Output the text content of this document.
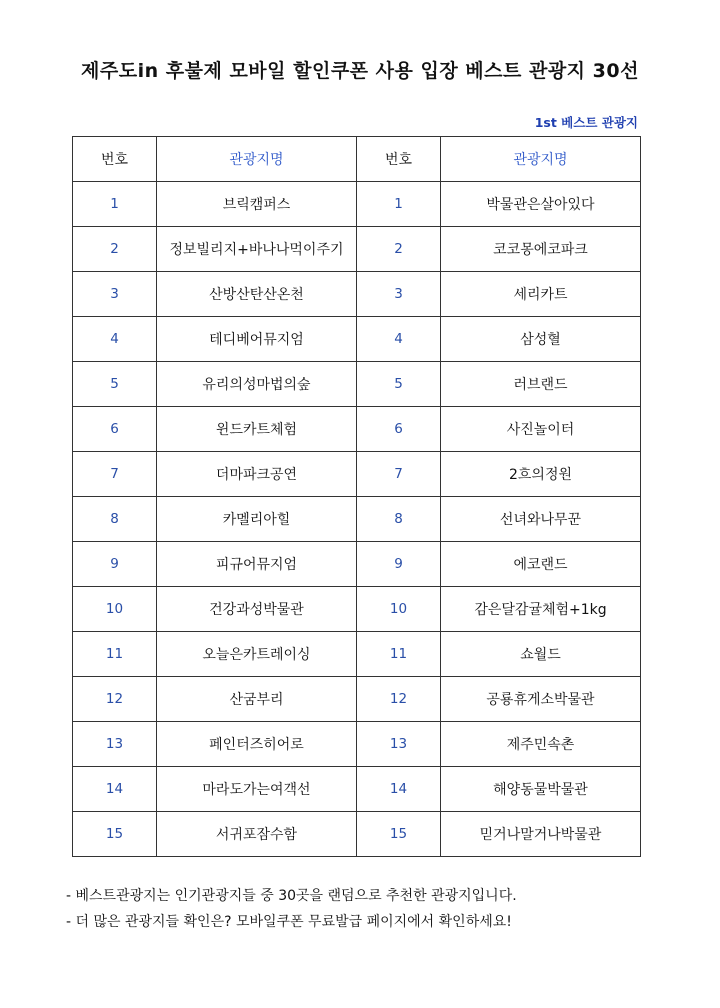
제주도in 후불제 모바일 할인쿠폰 사용 입장 베스트 관광지 30선
1st 베스트 관광지
번호	관광지명	번호	관광지명
1	브릭캠퍼스	1	박물관은살아있다
2	정보빌리지+바나나먹이주기	2	코코몽에코파크
3	산방산탄산온천	3	세리카트
4	테디베어뮤지엄	4	삼성혈
5	유리의성마법의숲	5	러브랜드
6	윈드카트체험	6	사진놀이터
7	더마파크공연	7	2흐의정원
8	카멜리아힐	8	선녀와나무꾼
9	피규어뮤지엄	9	에코랜드
10	건강과성박물관	10	감은달감귤체험+1kg
11	오늘은카트레이싱	11	쇼월드
12	산굼부리	12	공룡휴게소박물관
13	페인터즈히어로	13	제주민속촌
14	마라도가는여객선	14	해양동물박물관
15	서귀포잠수함	15	믿거나말거나박물관
- 베스트관광지는 인기관광지들 중 30곳을 랜덤으로 추천한 관광지입니다.
- 더 많은 관광지들 확인은? 모바일쿠폰 무료발급 페이지에서 확인하세요!
